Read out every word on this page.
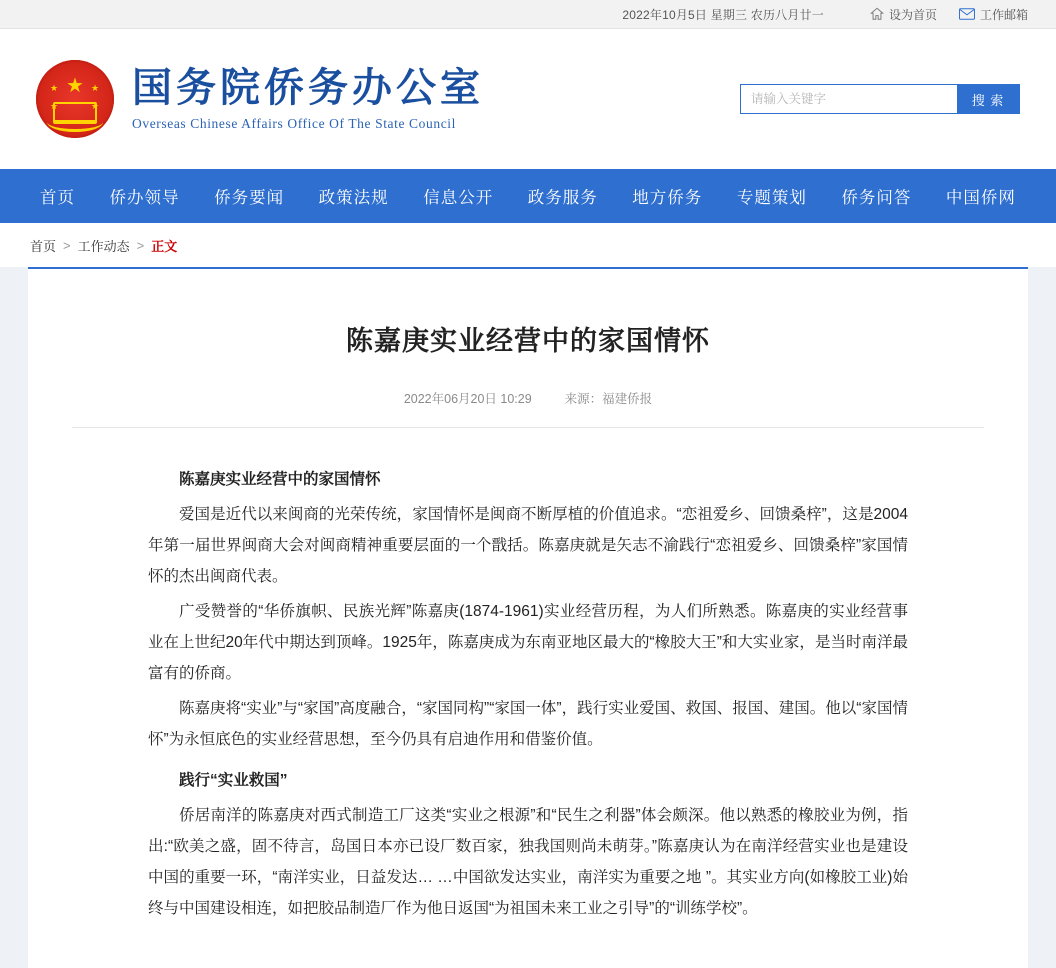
2022年10月5日 星期三 农历八月廿一	设为首页	工作邮箱
★
★	★
★	★ 国务院侨务办公室
Overseas Chinese Affairs Office Of The State Council
请输入关键字
搜 索
首页 侨办领导 侨务要闻 政策法规 信息公开 政务服务 地方侨务 专题策划 侨务问答 中国侨网
首页 > 工作动态 > 正文
陈嘉庚实业经营中的家国情怀
2022年06月20日 10:29	来源：福建侨报

陈嘉庚实业经营中的家国情怀

爱国是近代以来闽商的光荣传统，家国情怀是闽商不断厚植的价值追求。“恋祖爱乡、回馈桑梓”，这是2004年第一届世界闽商大会对闽商精神重要层面的一个戬括。陈嘉庚就是矢志不渝践行“恋祖爱乡、回馈桑梓”家国情怀的杰出闽商代表。

广受赞誉的“华侨旗帜、民族光辉”陈嘉庚(1874-1961)实业经营历程，为人们所熟悉。陈嘉庚的实业经营事业在上世纪20年代中期达到顶峰。1925年，陈嘉庚成为东南亚地区最大的“橡胶大王”和大实业家，是当时南洋最富有的侨商。

陈嘉庚将“实业”与“家国”高度融合，“家国同构”“家国一体”，践行实业爱国、救国、报国、建国。他以“家国情怀”为永恒底色的实业经营思想，至今仍具有启迪作用和借鉴价值。

践行“实业救国”

侨居南洋的陈嘉庚对西式制造工厂这类“实业之根源”和“民生之利器”体会颇深。他以熟悉的橡胶业为例，指出:“欧美之盛，固不待言，岛国日本亦已设厂数百家，独我国则尚未萌芽。”陈嘉庚认为在南洋经营实业也是建设中国的重要一环，“南洋实业，日益发达… …中国欲发达实业，南洋实为重要之地 ”。其实业方向(如橡胶工业)始终与中国建设相连，如把胶品制造厂作为他日返国“为祖国未来工业之引导”的“训练学校”。
